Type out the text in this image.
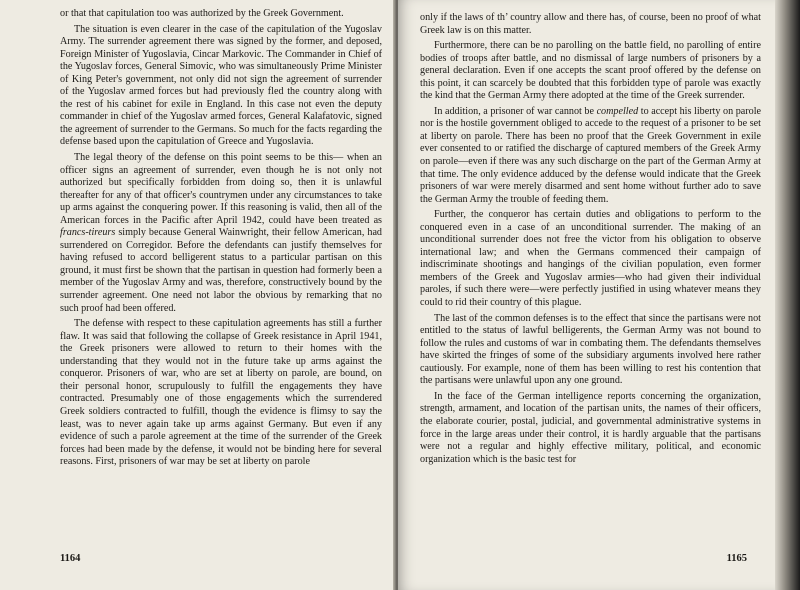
or that that capitulation too was authorized by the Greek Government.

The situation is even clearer in the case of the capitulation of the Yugoslav Army. The surrender agreement there was signed by the former, and deposed, Foreign Minister of Yugoslavia, Cincar Markovic. The Commander in Chief of the Yugoslav forces, General Simovic, who was simultaneously Prime Minister of King Peter's government, not only did not sign the agreement of surrender of the Yugoslav armed forces but had previously fled the country along with the rest of his cabinet for exile in England. In this case not even the deputy commander in chief of the Yugoslav armed forces, General Kalafatovic, signed the agreement of surrender to the Germans. So much for the facts regarding the defense based upon the capitulation of Greece and Yugoslavia.

The legal theory of the defense on this point seems to be this— when an officer signs an agreement of surrender, even though he is not only not authorized but specifically forbidden from doing so, then it is unlawful thereafter for any of that officer's countrymen under any circumstances to take up arms against the conquering power. If this reasoning is valid, then all of the American forces in the Pacific after April 1942, could have been treated as francs-tireurs simply because General Wainwright, their fellow American, had surrendered on Corregidor. Before the defendants can justify themselves for having refused to accord belligerent status to a particular partisan on this ground, it must first be shown that the partisan in question had formerly been a member of the Yugoslav Army and was, therefore, constructively bound by the surrender agreement. One need not labor the obvious by remarking that no such proof had been offered.

The defense with respect to these capitulation agreements has still a further flaw. It was said that following the collapse of Greek resistance in April 1941, the Greek prisoners were allowed to return to their homes with the understanding that they would not in the future take up arms against the conqueror. Prisoners of war, who are set at liberty on parole, are bound, on their personal honor, scrupulously to fulfill the engagements they have contracted. Presumably one of those engagements which the surrendered Greek soldiers contracted to fulfill, though the evidence is flimsy to say the least, was to never again take up arms against Germany. But even if any evidence of such a parole agreement at the time of the surrender of the Greek forces had been made by the defense, it would not be binding here for several reasons. First, prisoners of war may be set at liberty on parole

1164

only if the laws of th’ country allow and there has, of course, been no proof of what Greek law is on this matter.

Furthermore, there can be no parolling on the battle field, no parolling of entire bodies of troops after battle, and no dismissal of large numbers of prisoners by a general declaration. Even if one accepts the scant proof offered by the defense on this point, it can scarcely be doubted that this forbidden type of parole was exactly the kind that the German Army there adopted at the time of the Greek surrender.

In addition, a prisoner of war cannot be compelled to accept his liberty on parole nor is the hostile government obliged to accede to the request of a prisoner to be set at liberty on parole. There has been no proof that the Greek Government in exile ever consented to or ratified the discharge of captured members of the Greek Army on parole—even if there was any such discharge on the part of the German Army at that time. The only evidence adduced by the defense would indicate that the Greek prisoners of war were merely disarmed and sent home without further ado to save the German Army the trouble of feeding them.

Further, the conqueror has certain duties and obligations to perform to the conquered even in a case of an unconditional surrender. The making of an unconditional surrender does not free the victor from his obligation to observe international law; and when the Germans commenced their campaign of indiscriminate shootings and hangings of the civilian population, even former members of the Greek and Yugoslav armies—who had given their individual paroles, if such there were—were perfectly justified in using whatever means they could to rid their country of this plague.

The last of the common defenses is to the effect that since the partisans were not entitled to the status of lawful belligerents, the German Army was not bound to follow the rules and customs of war in combating them. The defendants themselves have skirted the fringes of some of the subsidiary arguments involved here rather cautiously. For example, none of them has been willing to rest his contention that the partisans were unlawful upon any one ground.

In the face of the German intelligence reports concerning the organization, strength, armament, and location of the partisan units, the names of their officers, the elaborate courier, postal, judicial, and governmental administrative systems in force in the large areas under their control, it is hardly arguable that the partisans were not a regular and highly effective military, political, and economic organization which is the basic test for

1165
